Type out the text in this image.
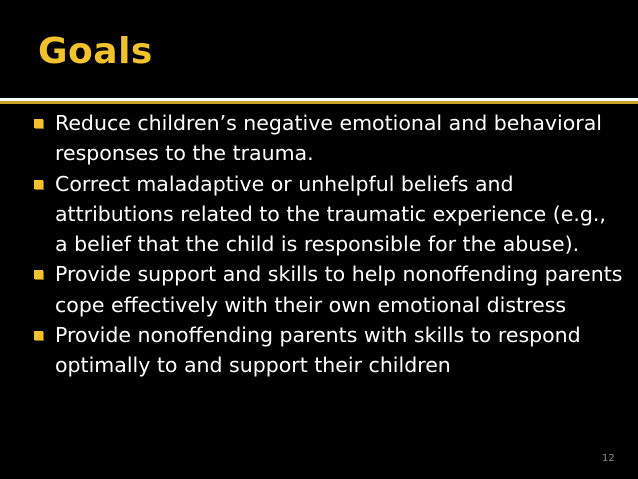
Goals
Reduce children’s negative emotional and behavioral responses to the trauma.
Correct maladaptive or unhelpful beliefs and attributions related to the traumatic experience (e.g., a belief that the child is responsible for the abuse).
Provide support and skills to help nonoffending parents cope effectively with their own emotional distress
Provide nonoffending parents with skills to respond optimally to and support their children
12
